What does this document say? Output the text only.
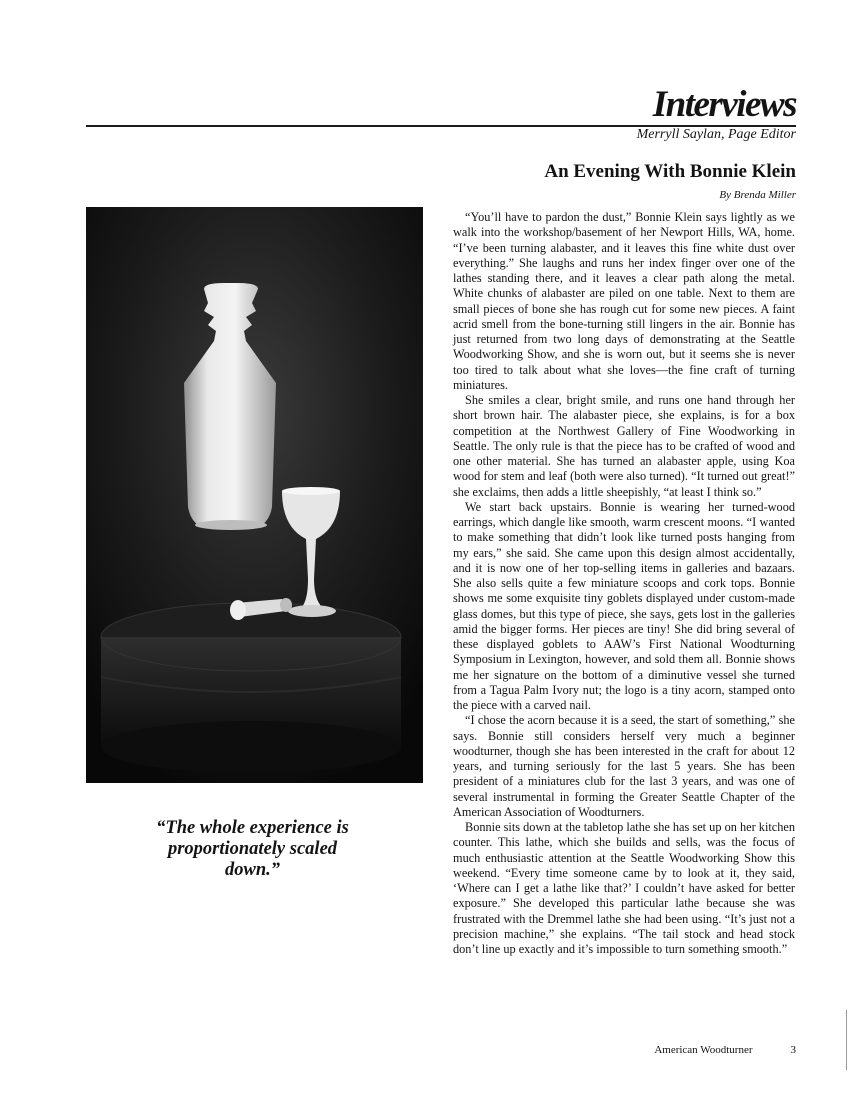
Interviews
Merryll Saylan, Page Editor
An Evening With Bonnie Klein
By Brenda Miller
“The whole experience is proportionately scaled down.”

“You’ll have to pardon the dust,” Bonnie Klein says lightly as we walk into the workshop/basement of her Newport Hills, WA, home. “I’ve been turning alabaster, and it leaves this fine white dust over everything.” She laughs and runs her index finger over one of the lathes standing there, and it leaves a clear path along the metal. White chunks of alabaster are piled on one table. Next to them are small pieces of bone she has rough cut for some new pieces. A faint acrid smell from the bone-turning still lingers in the air. Bonnie has just returned from two long days of demonstrating at the Seattle Woodworking Show, and she is worn out, but it seems she is never too tired to talk about what she loves—the fine craft of turning miniatures.

She smiles a clear, bright smile, and runs one hand through her short brown hair. The alabaster piece, she explains, is for a box competition at the Northwest Gallery of Fine Woodworking in Seattle. The only rule is that the piece has to be crafted of wood and one other material. She has turned an alabaster apple, using Koa wood for stem and leaf (both were also turned). “It turned out great!” she exclaims, then adds a little sheepishly, “at least I think so.”

We start back upstairs. Bonnie is wearing her turned-wood earrings, which dangle like smooth, warm crescent moons. “I wanted to make something that didn’t look like turned posts hanging from my ears,” she said. She came upon this design almost accidentally, and it is now one of her top-selling items in galleries and bazaars. She also sells quite a few miniature scoops and cork tops. Bonnie shows me some exquisite tiny goblets displayed under custom-made glass domes, but this type of piece, she says, gets lost in the galleries amid the bigger forms. Her pieces are tiny! She did bring several of these displayed goblets to AAW’s First National Woodturning Symposium in Lexington, however, and sold them all. Bonnie shows me her signature on the bottom of a diminutive vessel she turned from a Tagua Palm Ivory nut; the logo is a tiny acorn, stamped onto the piece with a carved nail.

“I chose the acorn because it is a seed, the start of something,” she says. Bonnie still considers herself very much a beginner woodturner, though she has been interested in the craft for about 12 years, and turning seriously for the last 5 years. She has been president of a miniatures club for the last 3 years, and was one of several instrumental in forming the Greater Seattle Chapter of the American Association of Woodturners.

Bonnie sits down at the tabletop lathe she has set up on her kitchen counter. This lathe, which she builds and sells, was the focus of much enthusiastic attention at the Seattle Woodworking Show this weekend. “Every time someone came by to look at it, they said, ‘Where can I get a lathe like that?’ I couldn’t have asked for better exposure.” She developed this particular lathe because she was frustrated with the Dremmel lathe she had been using. “It’s just not a precision machine,” she explains. “The tail stock and head stock don’t line up exactly and it’s impossible to turn something smooth.”

American Woodturner	3
